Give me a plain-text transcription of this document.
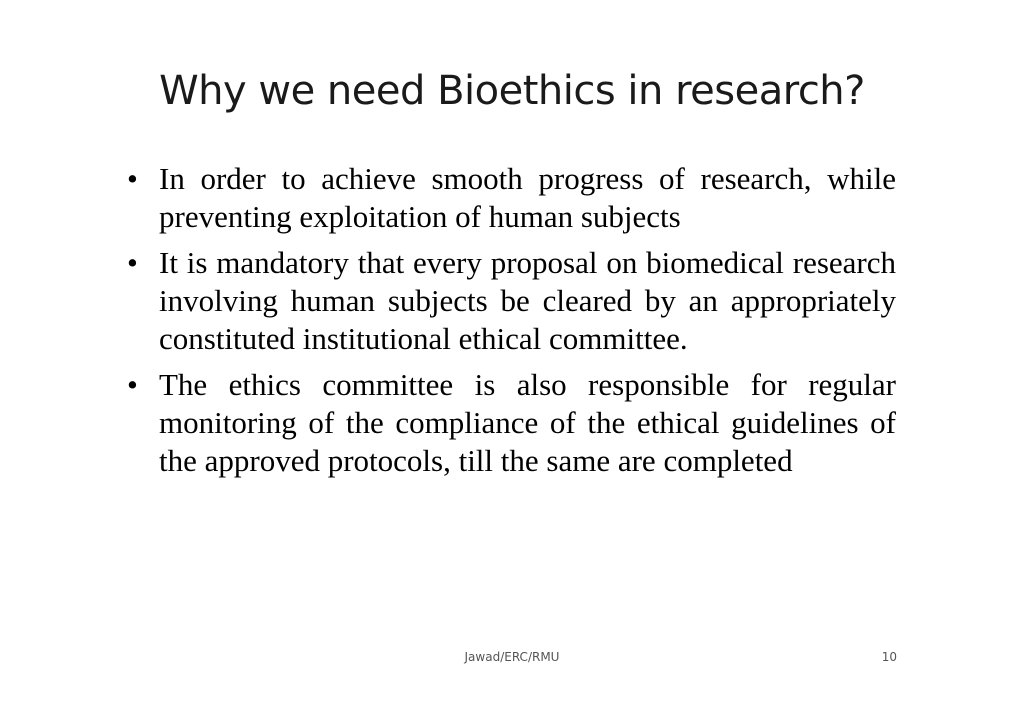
Why we need Bioethics in research?
• In order to achieve smooth progress of research, while preventing exploitation of human subjects
• It is mandatory that every proposal on biomedical research involving human subjects be cleared by an appropriately constituted institutional ethical committee.
• The ethics committee is also responsible for regular monitoring of the compliance of the ethical guidelines of the approved protocols, till the same are completed
Jawad/ERC/RMU	10
